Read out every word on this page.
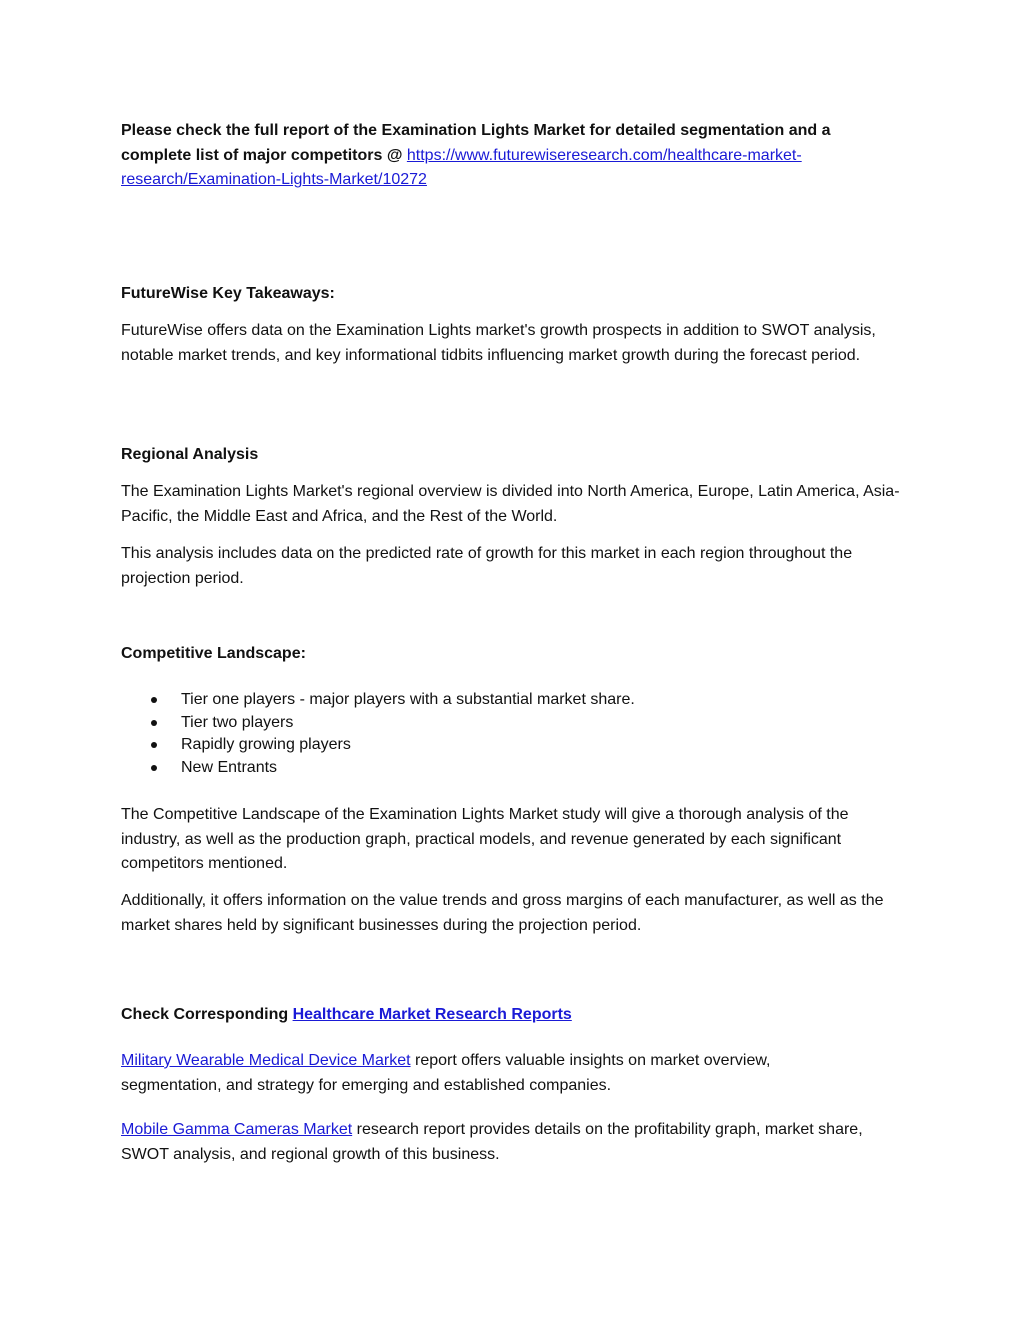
Please check the full report of the Examination Lights Market for detailed segmentation and a complete list of major competitors @ https://www.futurewiseresearch.com/healthcare-market-research/Examination-Lights-Market/10272
FutureWise Key Takeaways:
FutureWise offers data on the Examination Lights market's growth prospects in addition to SWOT analysis, notable market trends, and key informational tidbits influencing market growth during the forecast period.
Regional Analysis
The Examination Lights Market's regional overview is divided into North America, Europe, Latin America, Asia-Pacific, the Middle East and Africa, and the Rest of the World.
This analysis includes data on the predicted rate of growth for this market in each region throughout the projection period.
Competitive Landscape:
Tier one players - major players with a substantial market share.
Tier two players
Rapidly growing players
New Entrants
The Competitive Landscape of the Examination Lights Market study will give a thorough analysis of the industry, as well as the production graph, practical models, and revenue generated by each significant competitors mentioned.
Additionally, it offers information on the value trends and gross margins of each manufacturer, as well as the market shares held by significant businesses during the projection period.
Check Corresponding Healthcare Market Research Reports
Military Wearable Medical Device Market report offers valuable insights on market overview, segmentation, and strategy for emerging and established companies.
Mobile Gamma Cameras Market research report provides details on the profitability graph, market share, SWOT analysis, and regional growth of this business.
